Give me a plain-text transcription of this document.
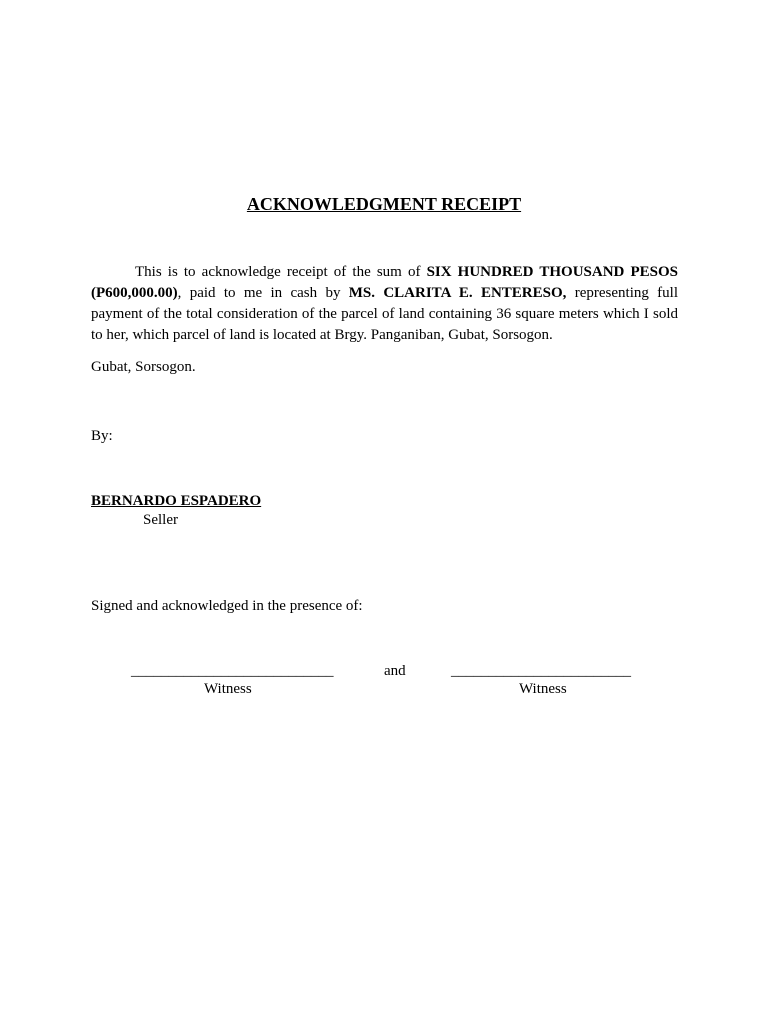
ACKNOWLEDGMENT RECEIPT
This is to acknowledge receipt of the sum of SIX HUNDRED THOUSAND PESOS (P600,000.00), paid to me in cash by MS. CLARITA E. ENTERESO, representing full payment of the total consideration of the parcel of land containing 36 square meters which I sold to her, which parcel of land is located at Brgy. Panganiban, Gubat, Sorsogon.
Gubat, Sorsogon.
By:
BERNARDO ESPADERO
Seller
Signed and acknowledged in the presence of:
___________________________	and	________________________
Witness	Witness
